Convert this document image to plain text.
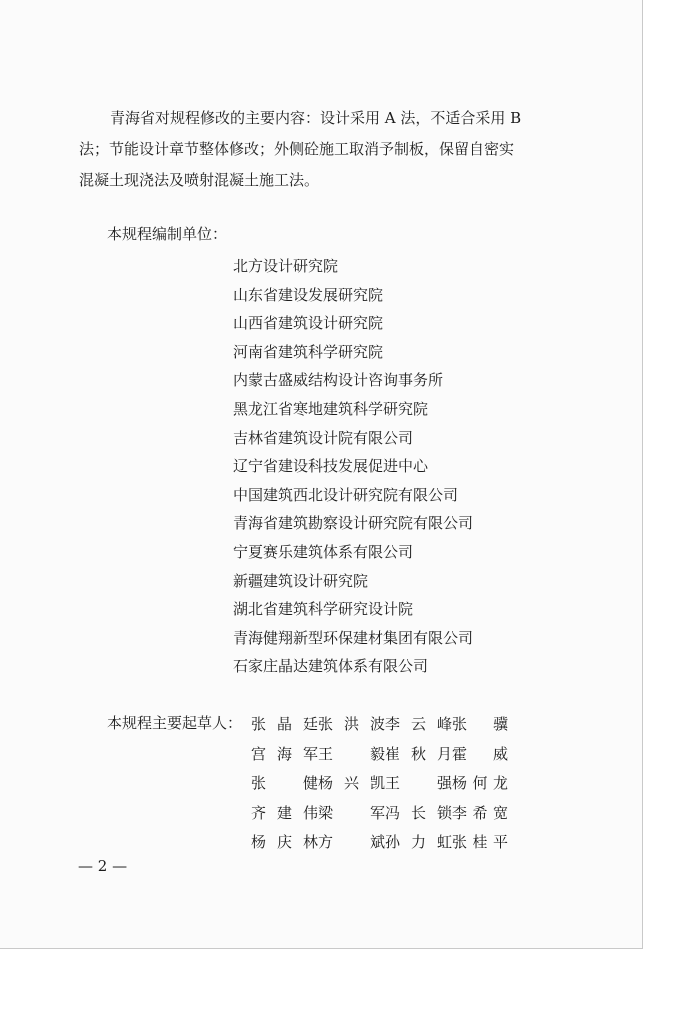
青海省对规程修改的主要内容：设计采用 A 法，不适合采用 B
法；节能设计章节整体修改；外侧砼施工取消予制板，保留自密实
混凝土现浇法及喷射混凝土施工法。
本规程编制单位：
北方设计研究院
山东省建设发展研究院
山西省建筑设计研究院
河南省建筑科学研究院
内蒙古盛威结构设计咨询事务所
黑龙江省寒地建筑科学研究院
吉林省建筑设计院有限公司
辽宁省建设科技发展促进中心
中国建筑西北设计研究院有限公司
青海省建筑勘察设计研究院有限公司
宁夏赛乐建筑体系有限公司
新疆建筑设计研究院
湖北省建筑科学研究设计院
青海健翔新型环保建材集团有限公司
石家庄晶达建筑体系有限公司
本规程主要起草人： 张晶廷 张洪波 李云峰 张 骥
宫海军 王 毅 崔秋月 霍 威
张 健 杨兴凯 王 强 杨何龙
齐建伟 梁 军 冯长锁 李希宽
杨庆林 方 斌 孙力虹 张桂平
— 2 —
